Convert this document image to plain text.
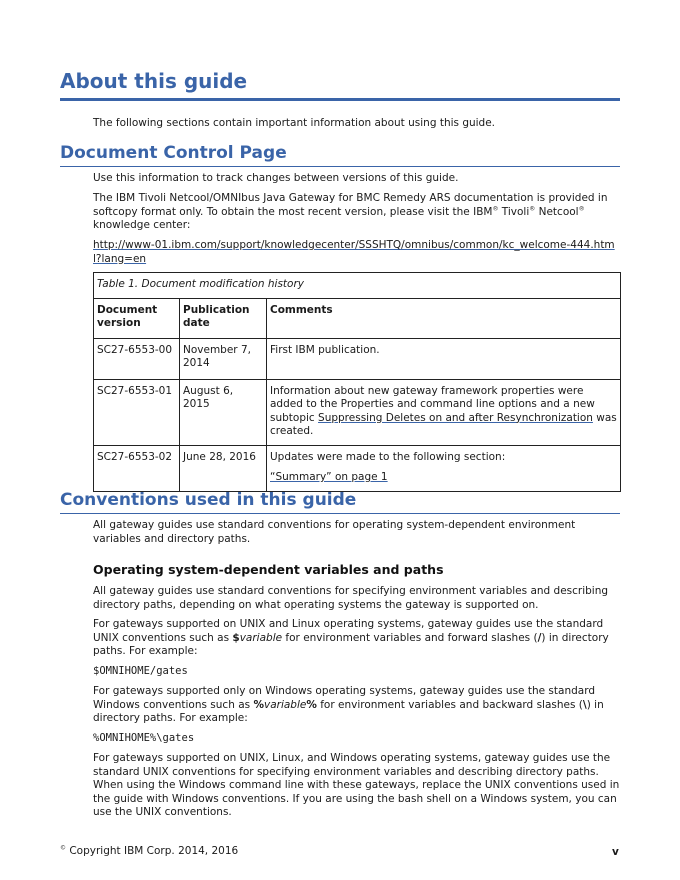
About this guide
The following sections contain important information about using this guide.
Document Control Page
Use this information to track changes between versions of this guide.
The IBM Tivoli Netcool/OMNIbus Java Gateway for BMC Remedy ARS documentation is provided in softcopy format only. To obtain the most recent version, please visit the IBM® Tivoli® Netcool® knowledge center:
http://www-01.ibm.com/support/knowledgecenter/SSSHTQ/omnibus/common/kc_welcome-444.html?lang=en
Table 1. Document modification history		
Document version	Publication date	Comments
SC27-6553-00	November 7, 2014	First IBM publication.
SC27-6553-01	August 6, 2015	Information about new gateway framework properties were added to the Properties and command line options and a new subtopic Suppressing Deletes on and after Resynchronization was created.
SC27-6553-02	June 28, 2016	Updates were made to the following section:
“Summary” on page 1
Conventions used in this guide
All gateway guides use standard conventions for operating system-dependent environment variables and directory paths.
Operating system-dependent variables and paths
All gateway guides use standard conventions for specifying environment variables and describing directory paths, depending on what operating systems the gateway is supported on.
For gateways supported on UNIX and Linux operating systems, gateway guides use the standard UNIX conventions such as $variable for environment variables and forward slashes (/) in directory paths. For example:
$OMNIHOME/gates
For gateways supported only on Windows operating systems, gateway guides use the standard Windows conventions such as %variable% for environment variables and backward slashes (\) in directory paths. For example:
%OMNIHOME%\gates
For gateways supported on UNIX, Linux, and Windows operating systems, gateway guides use the standard UNIX conventions for specifying environment variables and describing directory paths. When using the Windows command line with these gateways, replace the UNIX conventions used in the guide with Windows conventions. If you are using the bash shell on a Windows system, you can use the UNIX conventions.
© Copyright IBM Corp. 2014, 2016	v
